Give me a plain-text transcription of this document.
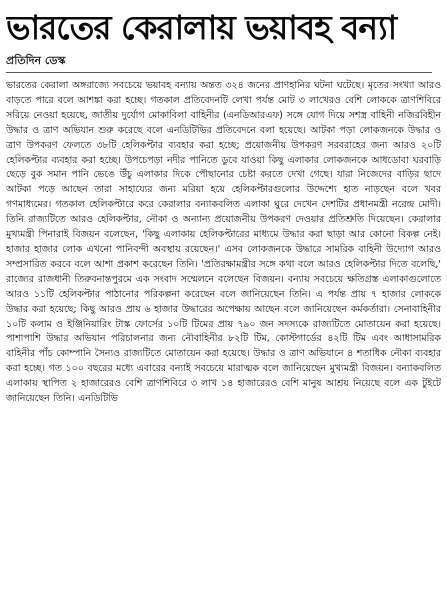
ভারতের কেরালায় ভয়াবহ বন্যা
প্রতিদিন ডেস্ক

ভারতের কেরালা অঙ্গরাজ্যে সবচেয়ে ভয়াবহ বন্যায় অন্তত ৩২৪ জনের প্রাণহানির ঘটনা ঘটেছে। মৃতের সংখ্যা আরও বাড়তে পারে বলে আশঙ্কা করা হচ্ছে। গতকাল প্রতিবেদনটি লেখা পর্যন্ত মোট ৩ লাখেরও বেশি লোককে ত্রাণশিবিরে সরিয়ে নেওয়া হয়েছে, জাতীয় দুর্যোগ মোকাবিলা বাহিনীর (এনডিআরএফ) সঙ্গে যোগ দিয়ে সশস্ত্র বাহিনী নজিরবিহীন উদ্ধার ও ত্রাণ অভিযান শুরু করেছে বলে এনডিটিভির প্রতিবেদনে বলা হয়েছে। আটকা পড়া লোকজনকে উদ্ধার ও ত্রাণ উপকরণ ফেলতে ৩৮টি হেলিকপ্টার ব্যবহার করা হচ্ছে; প্রয়োজনীয় উপকরণ সরবরাহের জন্য আরও ২০টি হেলিকপ্টার ব্যবহার করা হচ্ছে। উপচেপড়া নদীর পানিতে ডুবে যাওয়া কিছু এলাকার লোকজনকে আধডোবা ঘরবাড়ি ছেড়ে বুক সমান পানি ভেঙে উঁচু এলাকার দিকে পৌছানোর চেষ্টা করতে দেখা গেছে। যারা নিজেদের বাড়ির ছাদে আটকা পড়ে আছেন তারা সাহায্যের জন্য মরিয়া হয়ে হেলিকপ্টারগুলোর উদ্দেশ্যে হাত নাড়ছেন বলে খবর গণমাধ্যমের। গতকাল হেলিকপ্টারে করে কেরালার বন্যাকবলিত এলাকা ঘুরে দেখেন দেশটির প্রধানমন্ত্রী নরেন্দ্র মোদী। তিনি রাজ্যটিতে আরও হেলিকপ্টার, নৌকা ও অন্যান্য প্রয়োজনীয় উপকরণ দেওয়ার প্রতিশ্রুতি দিয়েছেন। কেরালার মুখ্যমন্ত্রী পিনারাই বিজয়ন বলেছেন, 'কিছু এলাকায় হেলিকপ্টারের মাধ্যমে উদ্ধার করা ছাড়া আর কোনো বিকল্প নেই। হাজার হাজার লোক এখনো পানিবন্দী অবস্থায় রয়েছেন।' এসব লোকজনকে উদ্ধারে সামরিক বাহিনী উদ্যোগ আরও সম্প্রসারিত করবে বলে আশা প্রকাশ করেছেন তিনি। 'প্রতিরক্ষামন্ত্রীর সঙ্গে কথা বলে আরও হেলিকপ্টার দিতে বলেছি,' রাজ্যের রাজধানী তিরুবনান্তপুরমে এক সংবাদ সম্মেলনে বলেছেন বিজয়ন। বন্যায় সবচেয়ে ক্ষতিগ্রস্ত এলাকাগুলোতে আরও ১১টি হেলিকপ্টার পাঠানোর পরিকল্পনা করেছেন বলে জানিয়েছেন তিনি। এ পর্যন্ত প্রায় ৭ হাজার লোককে উদ্ধার করা হয়েছে; কিছু আরও প্রায় ৬ হাজার উদ্ধারের অপেক্ষায় আছেন বলে জানিয়েছেন কর্মকর্তারা। সেনাবাহিনীর ১০টি কলাম ও ইঞ্জিনিয়ারিং টাস্ক ফোর্সের ১০টি টিমের প্রায় ৭৯০ জন সদস্যকে রাজ্যটিতে মোতায়েন করা হয়েছে। পাশাপাশি উদ্ধার অভিযান পরিচালনার জন্য নৌবাহিনীর ৮২টি টিম, কোস্টগার্ডের ৪২টি টিম এবং আধাসামরিক বাহিনীর পাঁচ কোম্পানি সৈন্যও রাজ্যটিতে মোতায়েন করা হয়েছে। উদ্ধার ও ত্রাণ অভিযানে ৪ শতাধিক নৌকা ব্যবহার করা হচ্ছে। গত ১০০ বছরের মধ্যে এবারের বন্যাই সবচেয়ে মারাত্মক বলে জানিয়েছেন মুখ্যমন্ত্রী বিজয়ন। বন্যাকবলিত এলাকায় স্থাপিত ২ হাজারেরও বেশি ত্রাণশিবিরে ৩ লাখ ১৪ হাজারেরও বেশি মানুষ আশ্রয় নিয়েছে বলে এক টুইটে জানিয়েছেন তিনি। এনডিটিভি
